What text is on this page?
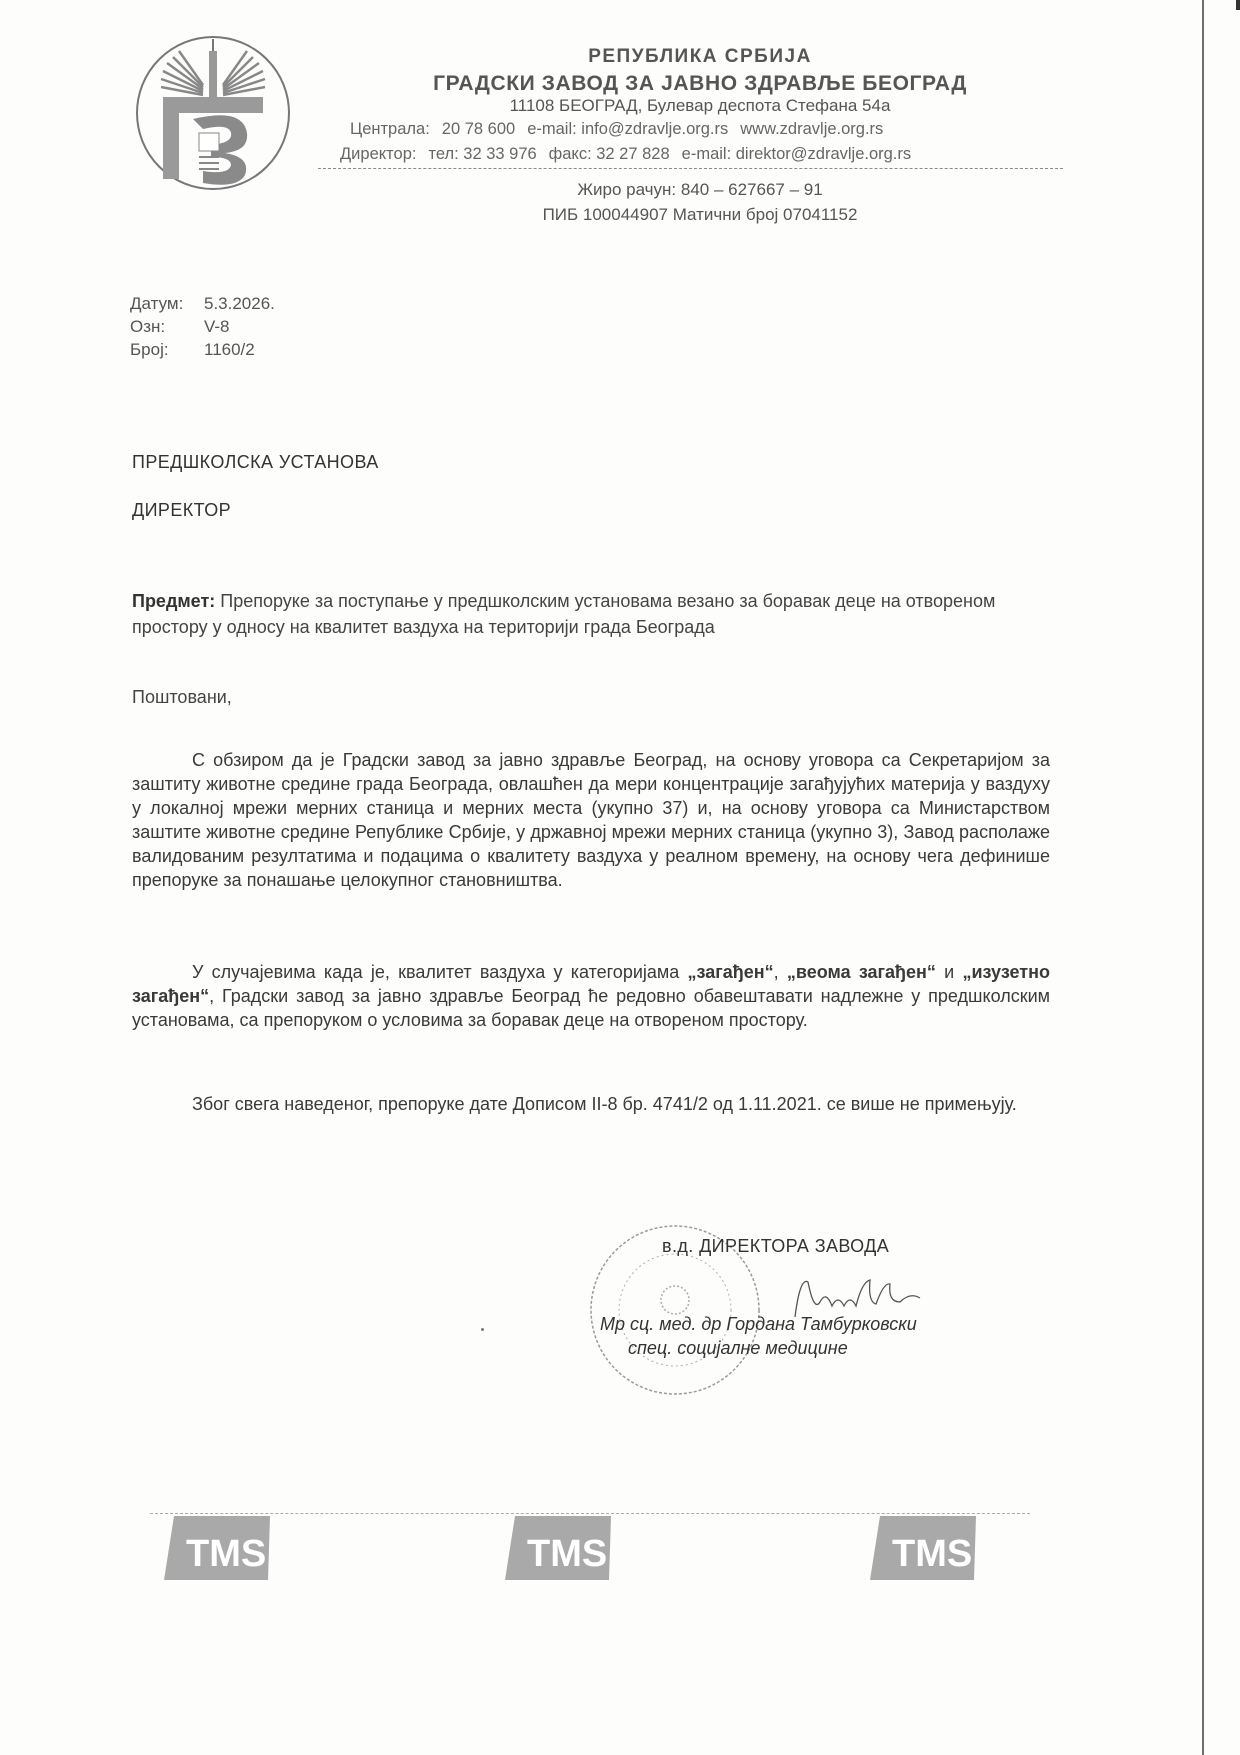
РЕПУБЛИКА СРБИЈА
ГРАДСКИ ЗАВОД ЗА ЈАВНО ЗДРАВЉЕ БЕОГРАД
11108 БЕОГРАД, Булевар деспота Стефана 54а
Централа: 20 78 600 e-mail: info@zdravlje.org.rs www.zdravlje.org.rs
Директор: тел: 32 33 976 факс: 32 27 828 e-mail: direktor@zdravlje.org.rs
Жиро рачун: 840 – 627667 – 91
ПИБ 100044907 Матични број 07041152
Датум:	5.3.2026.
Озн:	V-8
Број:	1160/2
ПРЕДШКОЛСКА УСТАНОВА
ДИРЕКТОР
Предмет: Препоруке за поступање у предшколским установама везано за боравак деце на отвореном простору у односу на квалитет ваздуха на територији града Београда
Поштовани,
С обзиром да је Градски завод за јавно здравље Београд, на основу уговора са Секретаријом за заштиту животне средине града Београда, овлашћен да мери концентрације загађујућих материја у ваздуху у локалној мрежи мерних станица и мерних места (укупно 37) и, на основу уговора са Министарством заштите животне средине Републике Србије, у државној мрежи мерних станица (укупно 3), Завод располаже валидованим резултатима и подацима о квалитету ваздуха у реалном времену, на основу чега дефинише препоруке за понашање целокупног становништва.
У случајевима када је, квалитет ваздуха у категоријама „загађен“, „веома загађен“ и „изузетно загађен“, Градски завод за јавно здравље Београд ће редовно обавештавати надлежне у предшколским установама, са препоруком о условима за боравак деце на отвореном простору.
Због свега наведеног, препоруке дате Дописом II-8 бр. 4741/2 од 1.11.2021. се више не примењују.
в.д. ДИРЕКТОРА ЗАВОДА
Мр сц. мед. др Гордана Тамбурковски
спец. социјалне медицине
TMS	TMS	TMS
